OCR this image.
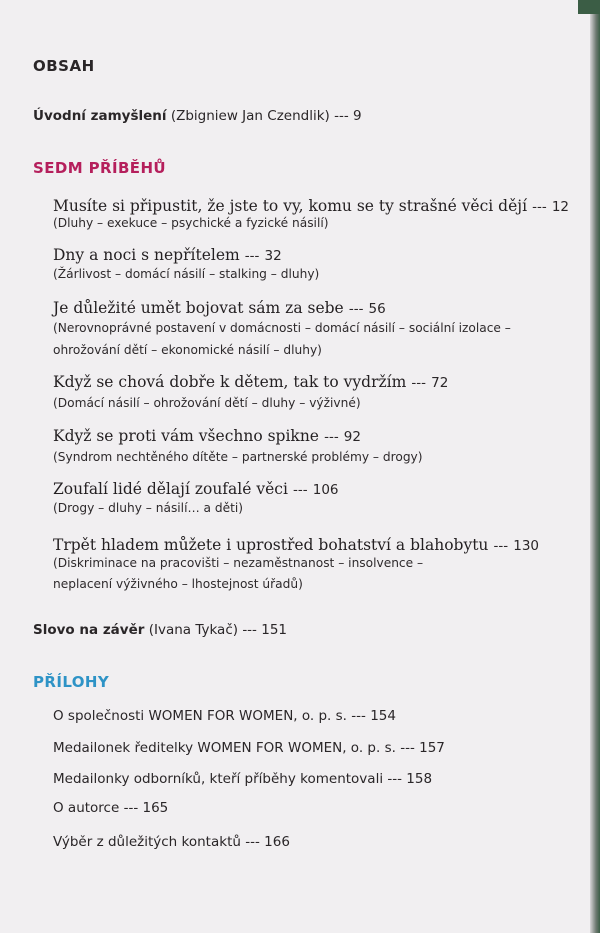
OBSAH
Úvodní zamyšlení (Zbigniew Jan Czendlik) --- 9
SEDM PŘÍBĚHŮ
Musíte si připustit, že jste to vy, komu se ty strašné věci dějí --- 12
(Dluhy – exekuce – psychické a fyzické násilí)
Dny a noci s nepřítelem --- 32
(Žárlivost – domácí násilí – stalking – dluhy)
Je důležité umět bojovat sám za sebe --- 56
(Nerovnoprávné postavení v domácnosti – domácí násilí – sociální izolace –
ohrožování dětí – ekonomické násilí – dluhy)
Když se chová dobře k dětem, tak to vydržím --- 72
(Domácí násilí – ohrožování dětí – dluhy – výživné)
Když se proti vám všechno spikne --- 92
(Syndrom nechtěného dítěte – partnerské problémy – drogy)
Zoufalí lidé dělají zoufalé věci --- 106
(Drogy – dluhy – násilí… a děti)
Trpět hladem můžete i uprostřed bohatství a blahobytu --- 130
(Diskriminace na pracovišti – nezaměstnanost – insolvence –
neplacení výživného – lhostejnost úřadů)
Slovo na závěr (Ivana Tykač) --- 151
PŘÍLOHY
O společnosti WOMEN FOR WOMEN, o. p. s. --- 154
Medailonek ředitelky WOMEN FOR WOMEN, o. p. s. --- 157
Medailonky odborníků, kteří příběhy komentovali --- 158
O autorce --- 165
Výběr z důležitých kontaktů --- 166
